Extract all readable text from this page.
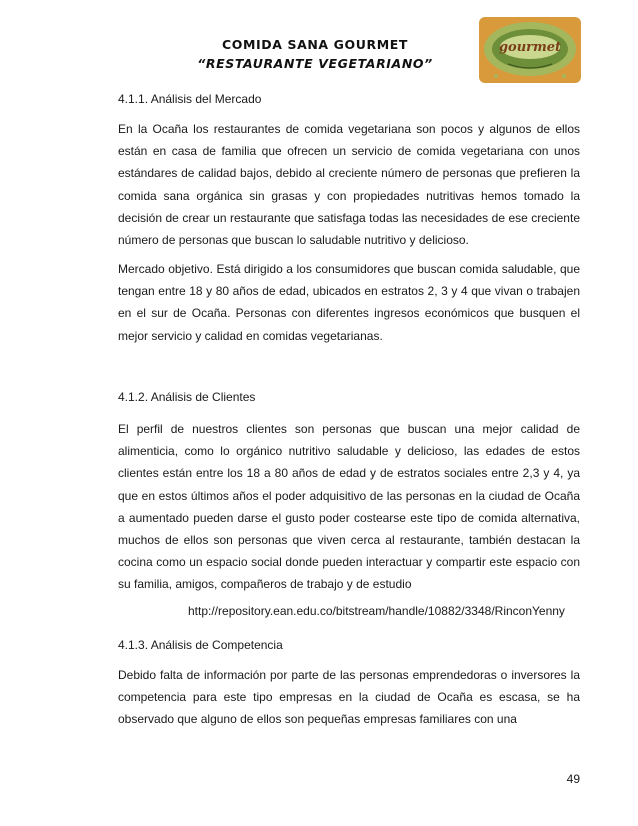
COMIDA SANA GOURMET
“RESTAURANTE VEGETARIANO”
gourmet
4.1.1. Análisis del Mercado
En la Ocaña los restaurantes de comida vegetariana son pocos y algunos de ellos están en casa de familia que ofrecen un servicio de comida vegetariana con unos estándares de calidad bajos, debido al creciente número de personas que prefieren la comida sana orgánica sin grasas y con propiedades nutritivas hemos tomado la decisión de crear un restaurante que satisfaga todas las necesidades de ese creciente número de personas que buscan lo saludable nutritivo y delicioso.
Mercado objetivo. Está dirigido a los consumidores que buscan comida saludable, que tengan entre 18 y 80 años de edad, ubicados en estratos 2, 3 y 4 que vivan o trabajen en el sur de Ocaña. Personas con diferentes ingresos económicos que busquen el mejor servicio y calidad en comidas vegetarianas.
4.1.2. Análisis de Clientes
El perfil de nuestros clientes son personas que buscan una mejor calidad de alimenticia, como lo orgánico nutritivo saludable y delicioso, las edades de estos clientes están entre los 18 a 80 años de edad y de estratos sociales entre 2,3 y 4, ya que en estos últimos años el poder adquisitivo de las personas en la ciudad de Ocaña a aumentado pueden darse el gusto poder costearse este tipo de comida alternativa, muchos de ellos son personas que viven cerca al restaurante, también destacan la cocina como un espacio social donde pueden interactuar y compartir este espacio con su familia, amigos, compañeros de trabajo y de estudio
http://repository.ean.edu.co/bitstream/handle/10882/3348/RinconYenny
4.1.3. Análisis de Competencia
Debido falta de información por parte de las personas emprendedoras o inversores la competencia para este tipo empresas en la ciudad de Ocaña es escasa, se ha observado que alguno de ellos son pequeñas empresas familiares con una
49
